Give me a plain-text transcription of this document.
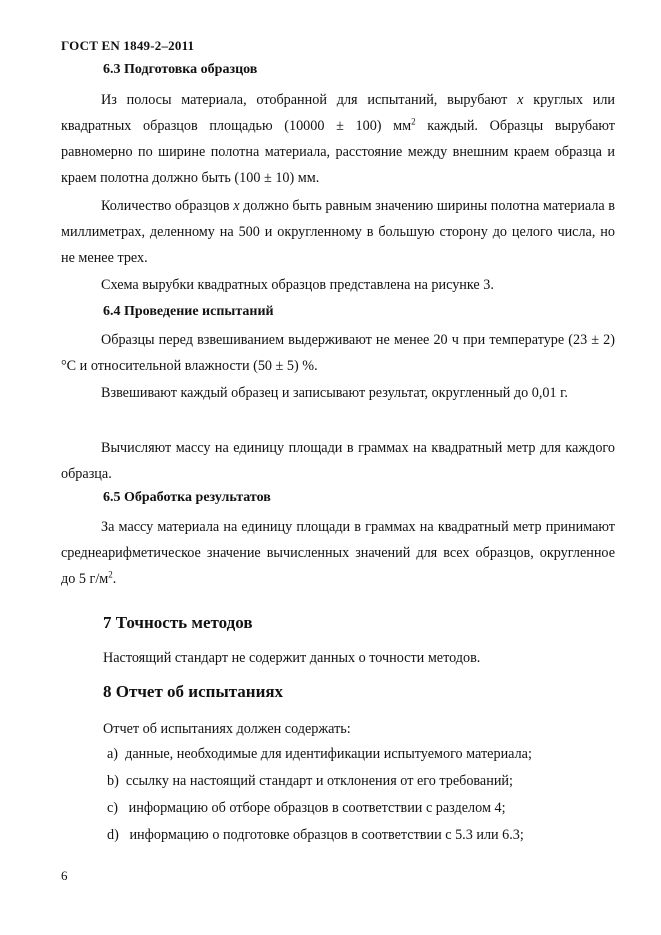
ГОСТ EN 1849-2–2011
6.3 Подготовка образцов
Из полосы материала, отобранной для испытаний, вырубают x круглых или квадратных образцов площадью (10000 ± 100) $мм^2$ каждый. Образцы вырубают равномерно по ширине полотна материала, расстояние между внешним краем образца и краем полотна должно быть (100 ± 10) мм.
Количество образцов x должно быть равным значению ширины полотна материала в миллиметрах, деленному на 500 и округленному в большую сторону до целого числа, но не менее трех.
Схема вырубки квадратных образцов представлена на рисунке 3.
6.4 Проведение испытаний
Образцы перед взвешиванием выдерживают не менее 20 ч при температуре (23 ± 2) °C и относительной влажности (50 ± 5) %.
Взвешивают каждый образец и записывают результат, округленный до 0,01 г.
Вычисляют массу на единицу площади в граммах на квадратный метр для каждого образца.
6.5 Обработка результатов
За массу материала на единицу площади в граммах на квадратный метр принимают среднеарифметическое значение вычисленных значений для всех образцов, округленное до 5 $г/м^2$.
7 Точность методов
Настоящий стандарт не содержит данных о точности методов.
8 Отчет об испытаниях
Отчет об испытаниях должен содержать:
a) данные, необходимые для идентификации испытуемого материала;
b) ссылку на настоящий стандарт и отклонения от его требований;
c) информацию об отборе образцов в соответствии с разделом 4;
d) информацию о подготовке образцов в соответствии с 5.3 или 6.3;
6
